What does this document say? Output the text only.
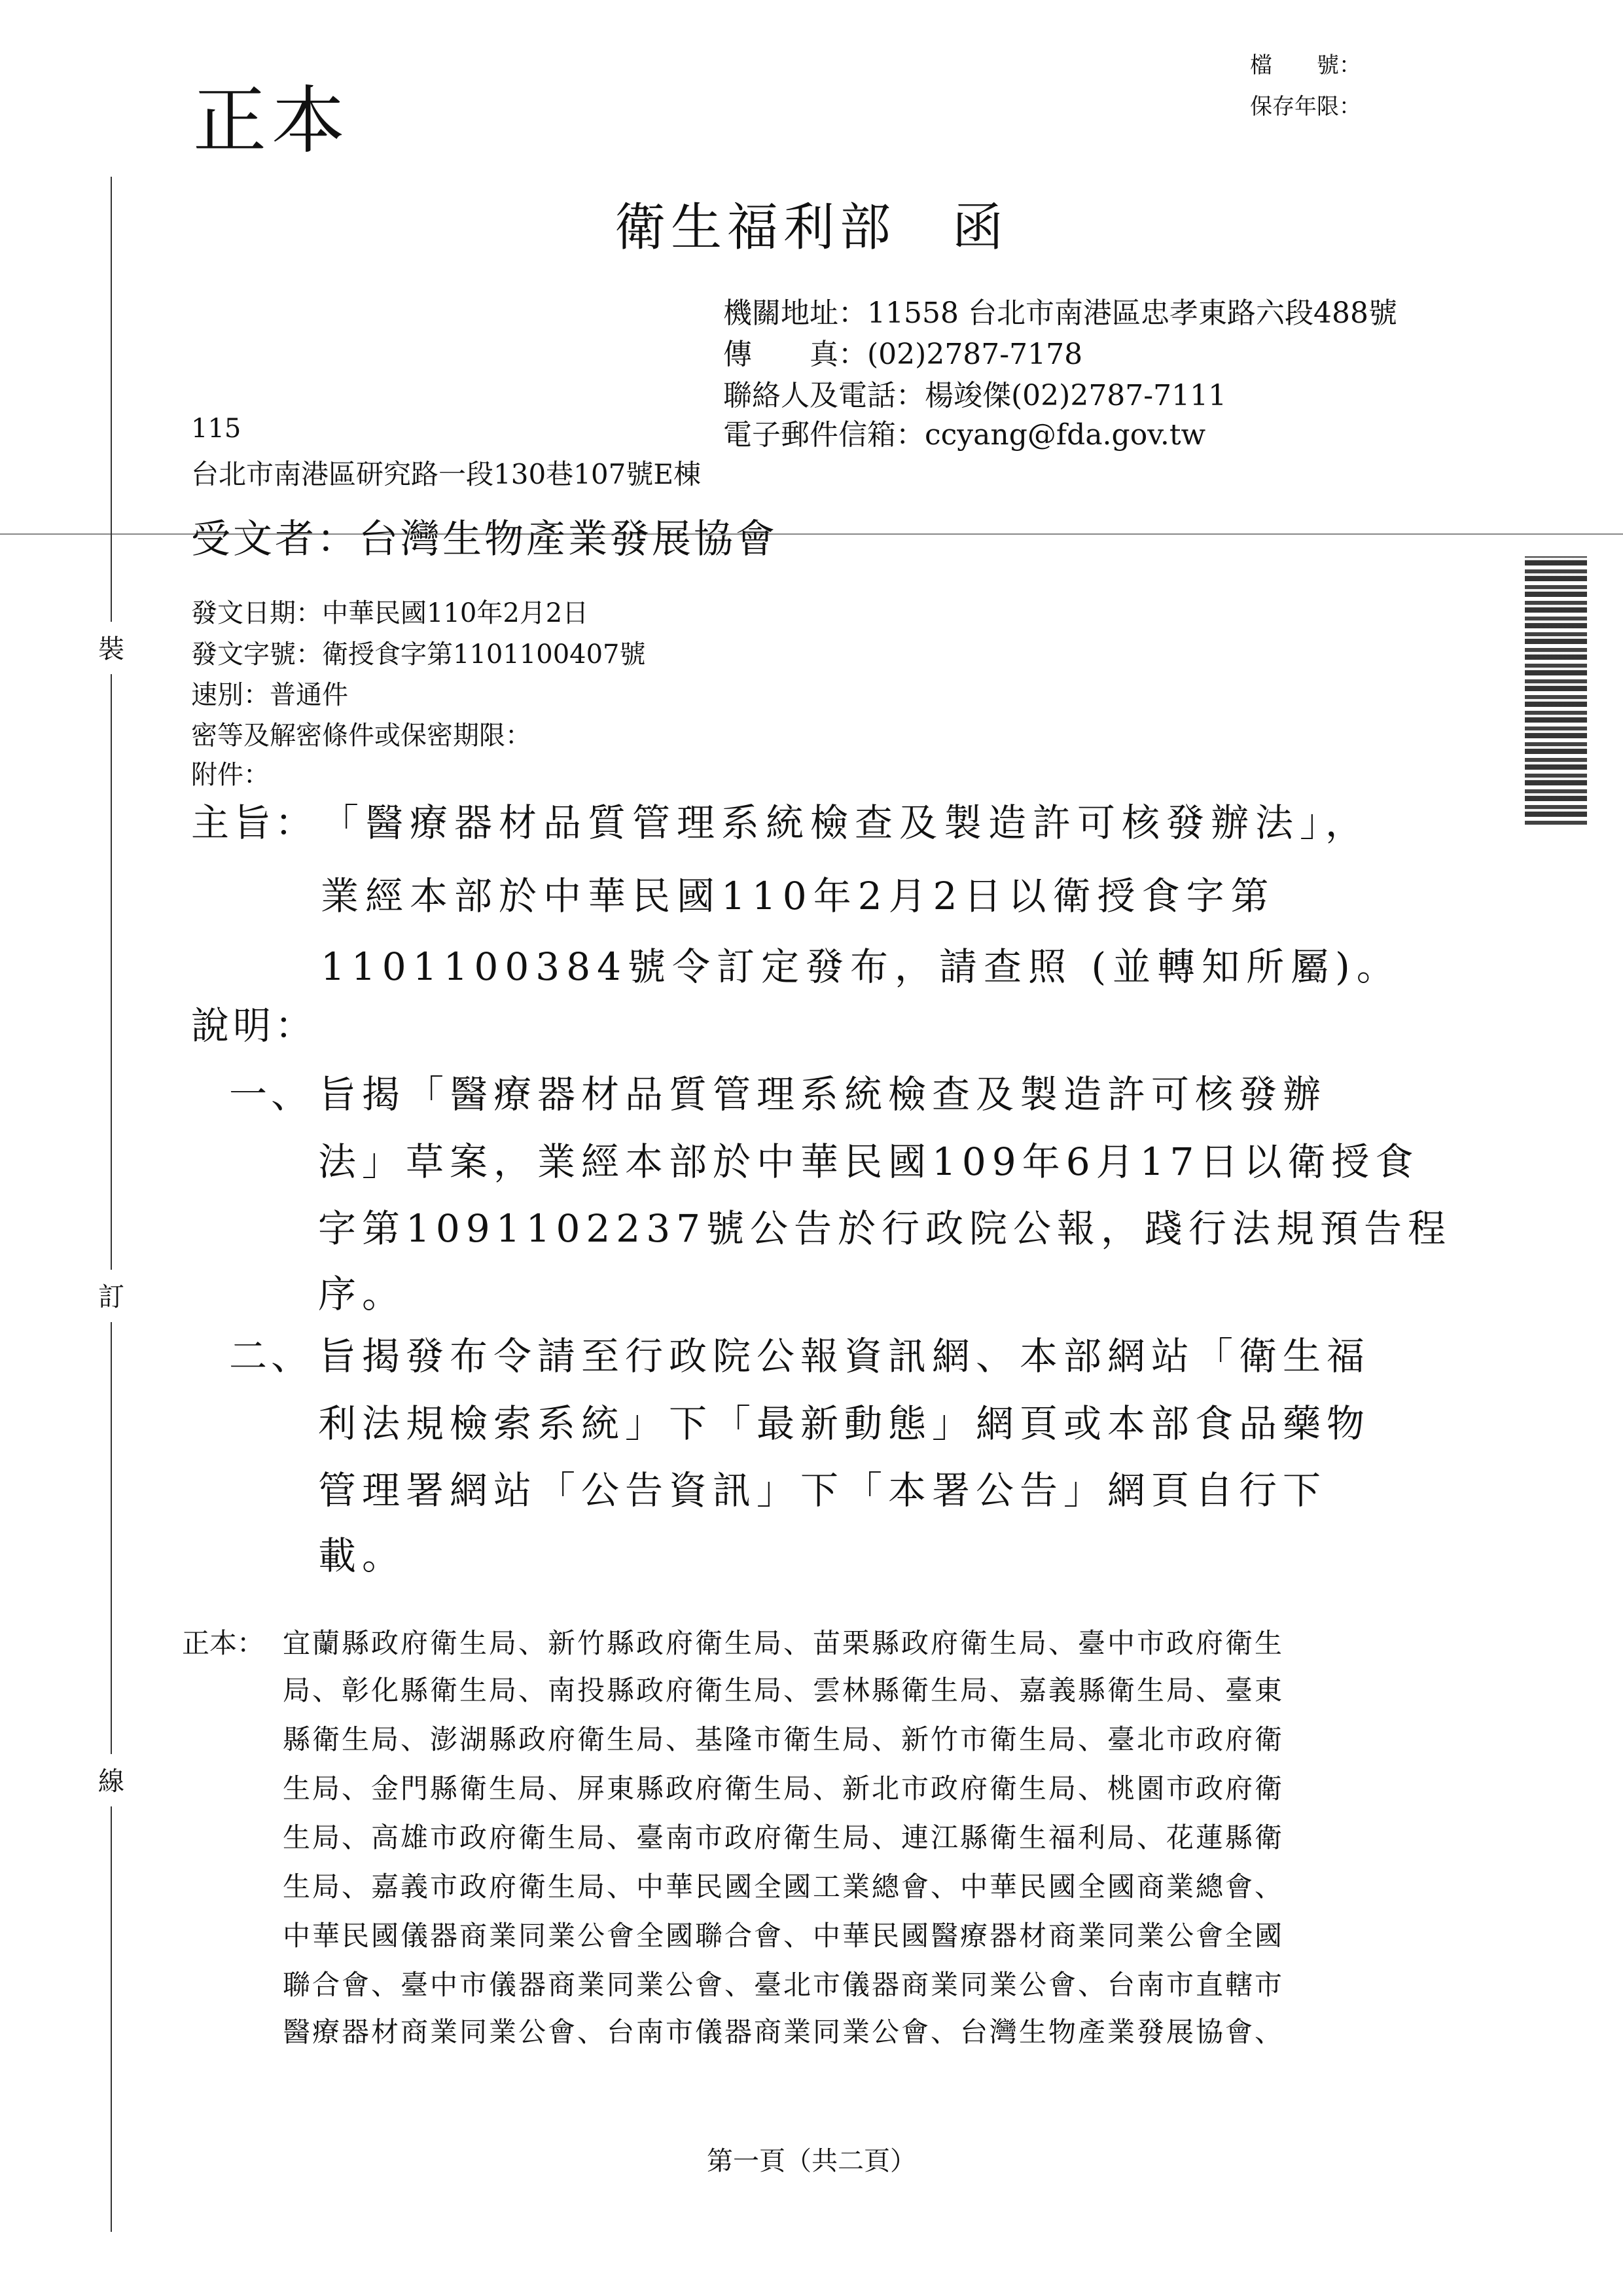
正本
檔　　號：
保存年限：
衛生福利部　函
機關地址：11558 台北市南港區忠孝東路六段488號
傳　　真：(02)2787-7178
聯絡人及電話：楊竣傑(02)2787-7111
電子郵件信箱：ccyang@fda.gov.tw
115
台北市南港區研究路一段130巷107號E棟
受文者：台灣生物產業發展協會
發文日期：中華民國110年2月2日
發文字號：衛授食字第1101100407號
速別：普通件
密等及解密條件或保密期限：
附件：
主旨： 「醫療器材品質管理系統檢查及製造許可核發辦法」，
業經本部於中華民國110年2月2日以衛授食字第
1101100384號令訂定發布，請查照 (並轉知所屬)。
說明：
一、 旨揭「醫療器材品質管理系統檢查及製造許可核發辦
法」草案，業經本部於中華民國109年6月17日以衛授食
字第1091102237號公告於行政院公報，踐行法規預告程
序。
二、 旨揭發布令請至行政院公報資訊網、本部網站「衛生福
利法規檢索系統」下「最新動態」網頁或本部食品藥物
管理署網站「公告資訊」下「本署公告」網頁自行下
載。
正本： 宜蘭縣政府衛生局、新竹縣政府衛生局、苗栗縣政府衛生局、臺中市政府衛生
局、彰化縣衛生局、南投縣政府衛生局、雲林縣衛生局、嘉義縣衛生局、臺東
縣衛生局、澎湖縣政府衛生局、基隆市衛生局、新竹市衛生局、臺北市政府衛
生局、金門縣衛生局、屏東縣政府衛生局、新北市政府衛生局、桃園市政府衛
生局、高雄市政府衛生局、臺南市政府衛生局、連江縣衛生福利局、花蓮縣衛
生局、嘉義市政府衛生局、中華民國全國工業總會、中華民國全國商業總會、
中華民國儀器商業同業公會全國聯合會、中華民國醫療器材商業同業公會全國
聯合會、臺中市儀器商業同業公會、臺北市儀器商業同業公會、台南市直轄市
醫療器材商業同業公會、台南市儀器商業同業公會、台灣生物產業發展協會、
裝
訂
線
第一頁（共二頁）
